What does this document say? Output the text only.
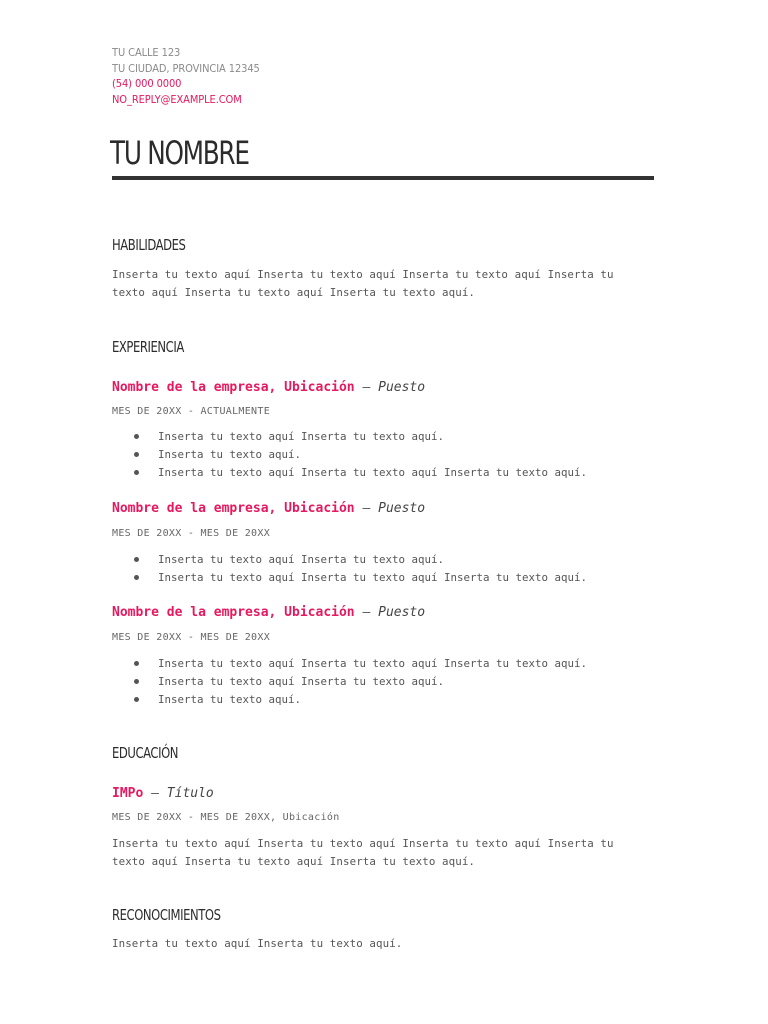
TU CALLE 123
TU CIUDAD, PROVINCIA 12345
(54) 000 0000
NO_REPLY@EXAMPLE.COM
TU NOMBRE
HABILIDADES

Inserta tu texto aquí Inserta tu texto aquí Inserta tu texto aquí Inserta tu
texto aquí Inserta tu texto aquí Inserta tu texto aquí.

EXPERIENCIA

Nombre de la empresa, Ubicación — Puesto

MES DE 20XX - ACTUALMENTE

Inserta tu texto aquí Inserta tu texto aquí.
Inserta tu texto aquí.
Inserta tu texto aquí Inserta tu texto aquí Inserta tu texto aquí.

Nombre de la empresa, Ubicación — Puesto

MES DE 20XX - MES DE 20XX

Inserta tu texto aquí Inserta tu texto aquí.
Inserta tu texto aquí Inserta tu texto aquí Inserta tu texto aquí.

Nombre de la empresa, Ubicación — Puesto

MES DE 20XX - MES DE 20XX

Inserta tu texto aquí Inserta tu texto aquí Inserta tu texto aquí.
Inserta tu texto aquí Inserta tu texto aquí.
Inserta tu texto aquí.
EDUCACIÓN

IMPo — Título

MES DE 20XX - MES DE 20XX, Ubicación

Inserta tu texto aquí Inserta tu texto aquí Inserta tu texto aquí Inserta tu
texto aquí Inserta tu texto aquí Inserta tu texto aquí.

RECONOCIMIENTOS

Inserta tu texto aquí Inserta tu texto aquí.
